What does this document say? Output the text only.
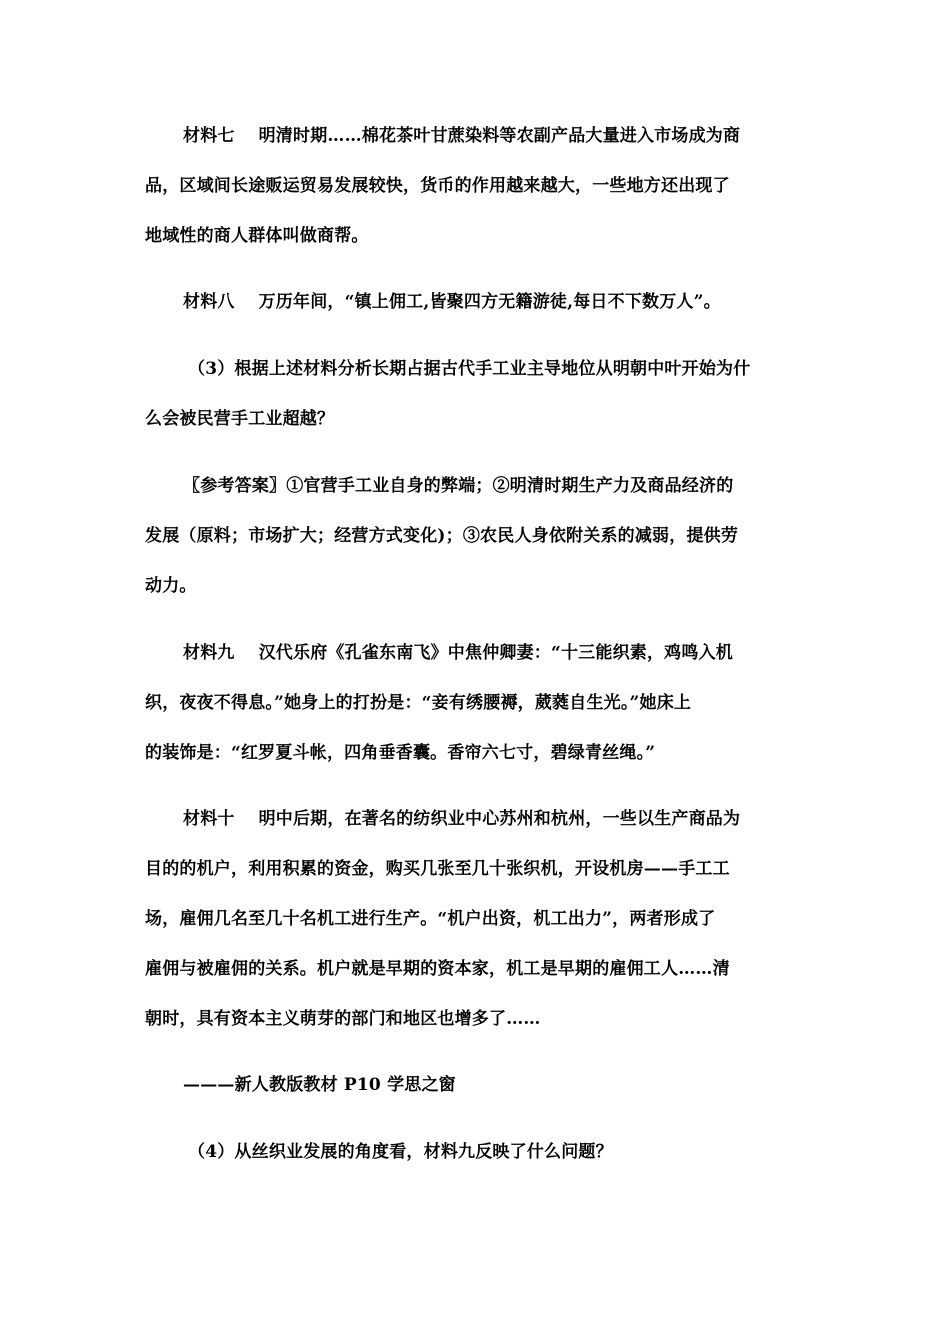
材料七 明清时期……棉花茶叶甘蔗染料等农副产品大量进入市场成为商
品，区域间长途贩运贸易发展较快，货币的作用越来越大，一些地方还出现了
地域性的商人群体叫做商帮。
材料八 万历年间，“镇上佣工,皆聚四方无籍游徒,每日不下数万人”。
（3）根据上述材料分析长期占据古代手工业主导地位从明朝中叶开始为什
么会被民营手工业超越？
〖参考答案〗①官营手工业自身的弊端；②明清时期生产力及商品经济的
发展（原料；市场扩大；经营方式变化)；③农民人身依附关系的减弱，提供劳
动力。
材料九 汉代乐府《孔雀东南飞》中焦仲卿妻：“十三能织素，鸡鸣入机
织，夜夜不得息。”她身上的打扮是：“妾有绣腰褥，葳蕤自生光。”她床上
的装饰是：“红罗夏斗帐，四角垂香囊。香帘六七寸，碧绿青丝绳。”
材料十 明中后期，在著名的纺织业中心苏州和杭州，一些以生产商品为
目的的机户，利用积累的资金，购买几张至几十张织机，开设机房——手工工
场，雇佣几名至几十名机工进行生产。“机户出资，机工出力”，两者形成了
雇佣与被雇佣的关系。机户就是早期的资本家，机工是早期的雇佣工人……清
朝时，具有资本主义萌芽的部门和地区也增多了……
———新人教版教材 P10 学思之窗
（4）从丝织业发展的角度看，材料九反映了什么问题？
